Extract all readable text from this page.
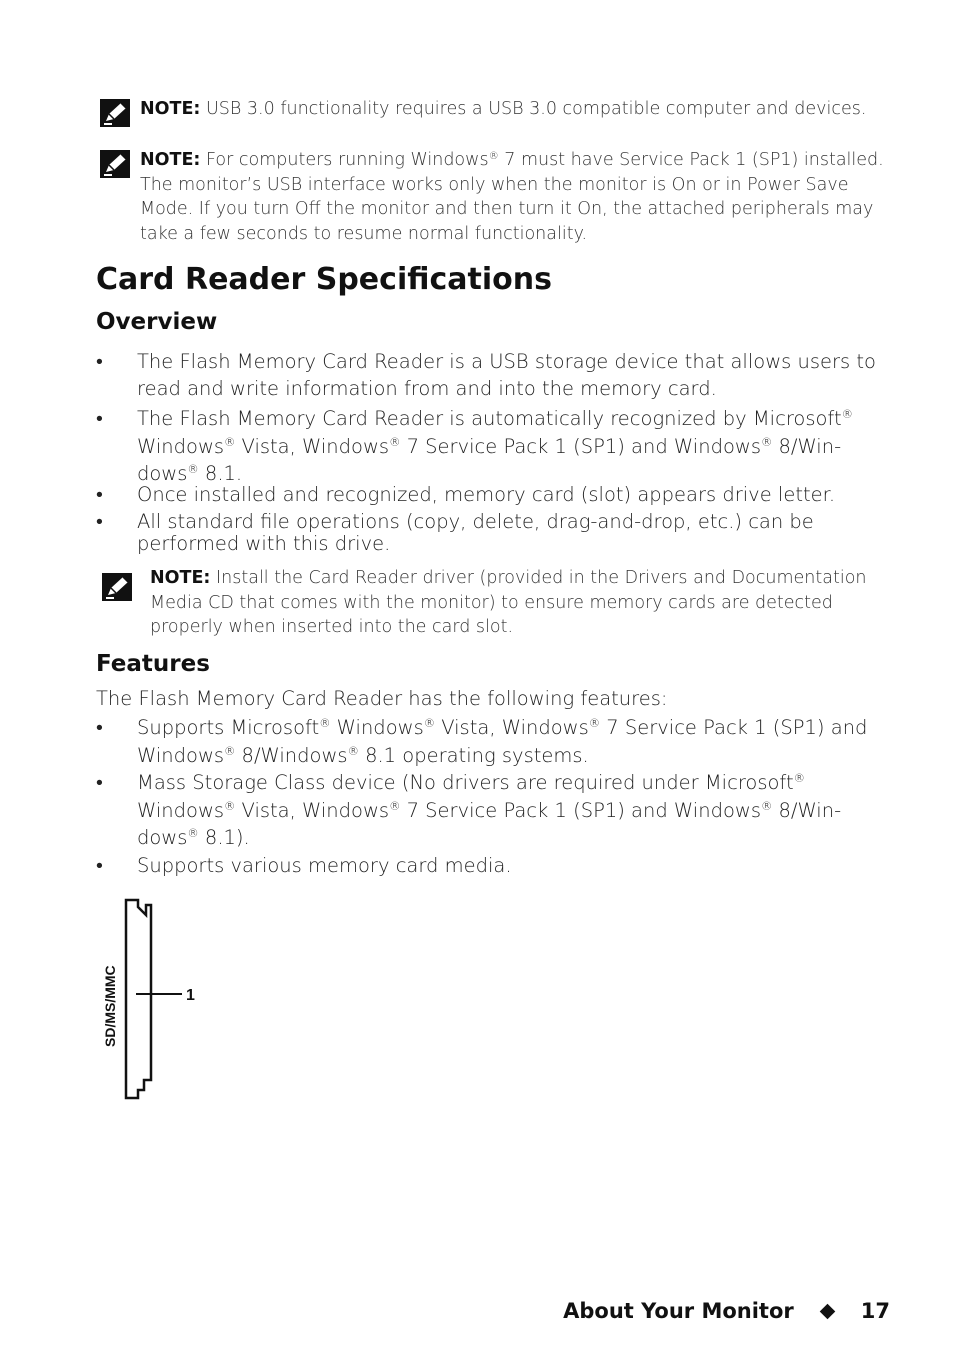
NOTE: USB 3.0 functionality requires a USB 3.0 compatible computer and devices.
NOTE: For computers running Windows® 7 must have Service Pack 1 (SP1) installed. The monitor’s USB interface works only when the monitor is On or in Power Save Mode. If you turn Off the monitor and then turn it On, the attached peripherals may take a few seconds to resume normal functionality.
Card Reader Specifications
Overview
• The Flash Memory Card Reader is a USB storage device that allows users to read and write information from and into the memory card.
• The Flash Memory Card Reader is automatically recognized by Microsoft® Windows® Vista, Windows® 7 Service Pack 1 (SP1) and Windows® 8/Win-dows® 8.1.
• Once installed and recognized, memory card (slot) appears drive letter.
• All standard file operations (copy, delete, drag-and-drop, etc.) can be performed with this drive.
NOTE: Install the Card Reader driver (provided in the Drivers and Documentation Media CD that comes with the monitor) to ensure memory cards are detected properly when inserted into the card slot.
Features

The Flash Memory Card Reader has the following features:

• Supports Microsoft® Windows® Vista, Windows® 7 Service Pack 1 (SP1) and Windows® 8/Windows® 8.1 operating systems.
• Mass Storage Class device (No drivers are required under Microsoft® Windows® Vista, Windows® 7 Service Pack 1 (SP1) and Windows® 8/Win-dows® 8.1).
• Supports various memory card media.
SD/MS/MMC	1
About Your Monitor	17
